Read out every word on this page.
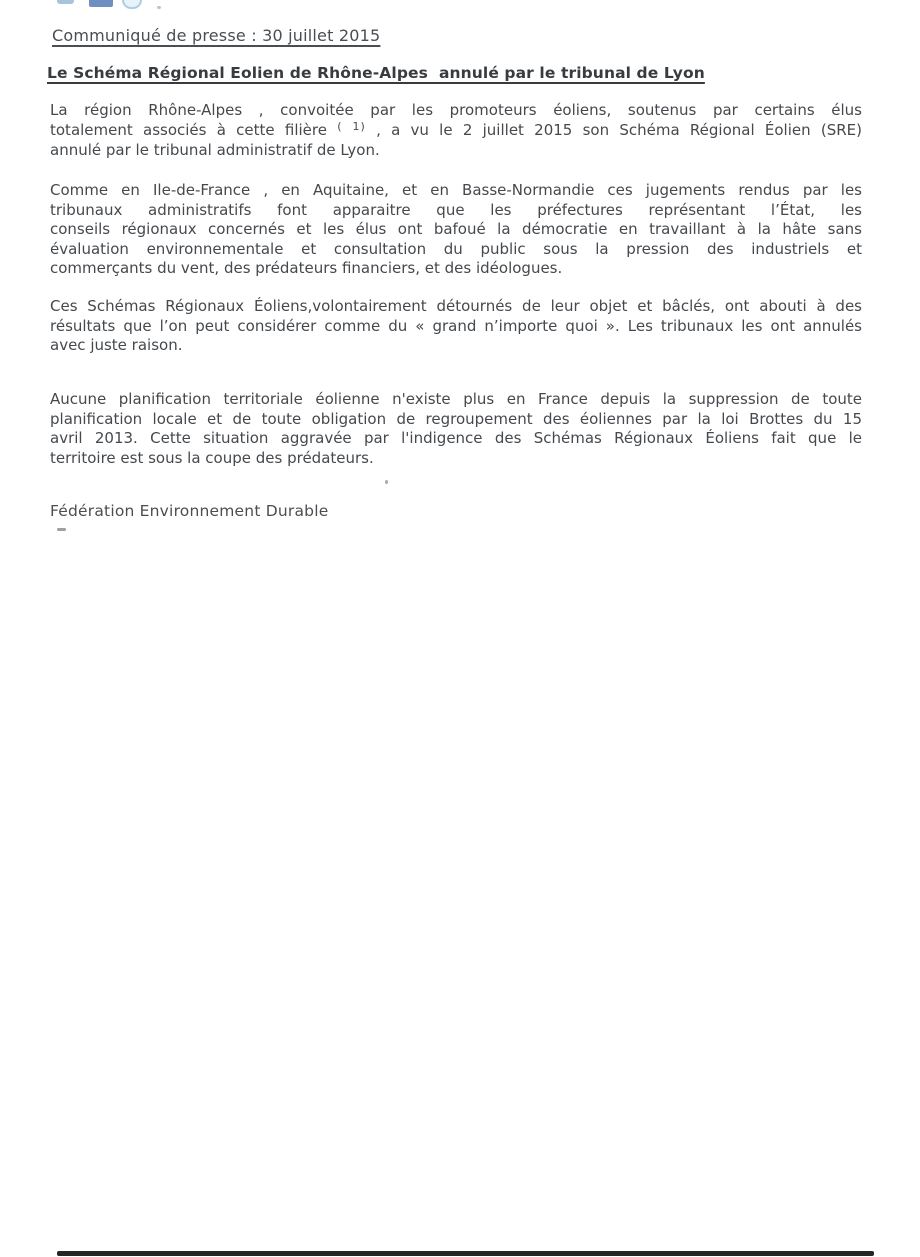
Communiqué de presse : 30 juillet 2015
Le Schéma Régional Eolien de Rhône-Alpes  annulé par le tribunal de Lyon
Fédération Environnement Durable
La région Rhône-Alpes , convoitée par les promoteurs éoliens, soutenus par certains élus
totalement associés à cette filière $^{( 1)}$ , a vu le 2 juillet 2015 son Schéma Régional Éolien (SRE)
annulé par le tribunal administratif de Lyon.
Comme en Ile-de-France , en Aquitaine, et en Basse-Normandie ces jugements rendus par les
tribunaux administratifs font apparaitre que les préfectures représentant l’État, les
conseils régionaux concernés et les élus ont bafoué la démocratie en travaillant à la hâte sans
évaluation environnementale et consultation du public sous la pression des industriels et
commerçants du vent, des prédateurs financiers, et des idéologues.
Ces Schémas Régionaux Éoliens,volontairement détournés de leur objet et bâclés, ont abouti à des
résultats que l’on peut considérer comme du « grand n’importe quoi ». Les tribunaux les ont annulés
avec juste raison.
Aucune planification territoriale éolienne n'existe plus en France depuis la suppression de toute
planification locale et de toute obligation de regroupement des éoliennes par la loi Brottes du 15
avril 2013. Cette situation aggravée par l'indigence des Schémas Régionaux Éoliens fait que le
territoire est sous la coupe des prédateurs.
